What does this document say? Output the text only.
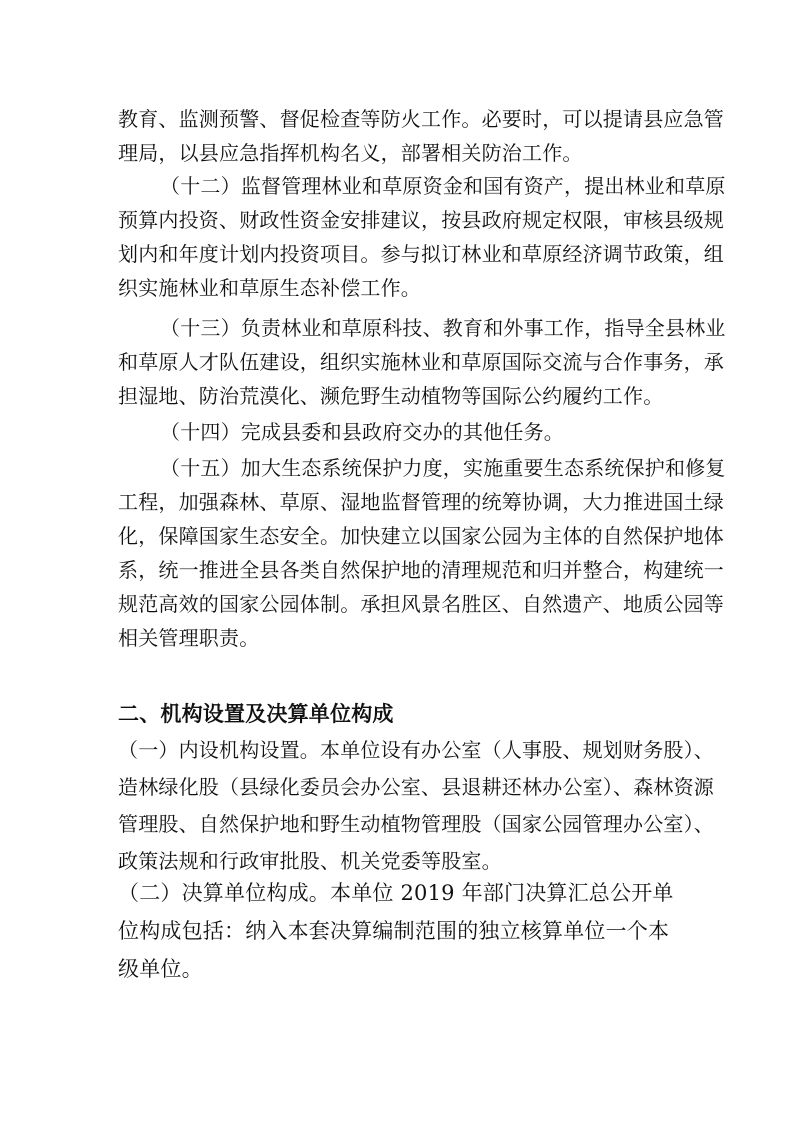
教育、监测预警、督促检查等防火工作。必要时，可以提请县应急管
理局，以县应急指挥机构名义，部署相关防治工作。
（十二）监督管理林业和草原资金和国有资产，提出林业和草原
预算内投资、财政性资金安排建议，按县政府规定权限，审核县级规
划内和年度计划内投资项目。参与拟订林业和草原经济调节政策，组
织实施林业和草原生态补偿工作。
（十三）负责林业和草原科技、教育和外事工作，指导全县林业
和草原人才队伍建设，组织实施林业和草原国际交流与合作事务，承
担湿地、防治荒漠化、濒危野生动植物等国际公约履约工作。
（十四）完成县委和县政府交办的其他任务。
（十五）加大生态系统保护力度，实施重要生态系统保护和修复
工程，加强森林、草原、湿地监督管理的统筹协调，大力推进国土绿
化，保障国家生态安全。加快建立以国家公园为主体的自然保护地体
系，统一推进全县各类自然保护地的清理规范和归并整合，构建统一
规范高效的国家公园体制。承担风景名胜区、自然遗产、地质公园等
相关管理职责。
二、机构设置及决算单位构成
（一）内设机构设置。本单位设有办公室（人事股、规划财务股）、
造林绿化股（县绿化委员会办公室、县退耕还林办公室）、森林资源
管理股、自然保护地和野生动植物管理股（国家公园管理办公室）、
政策法规和行政审批股、机关党委等股室。
（二）决算单位构成。本单位 2019 年部门决算汇总公开单
位构成包括：纳入本套决算编制范围的独立核算单位一个本
级单位。
